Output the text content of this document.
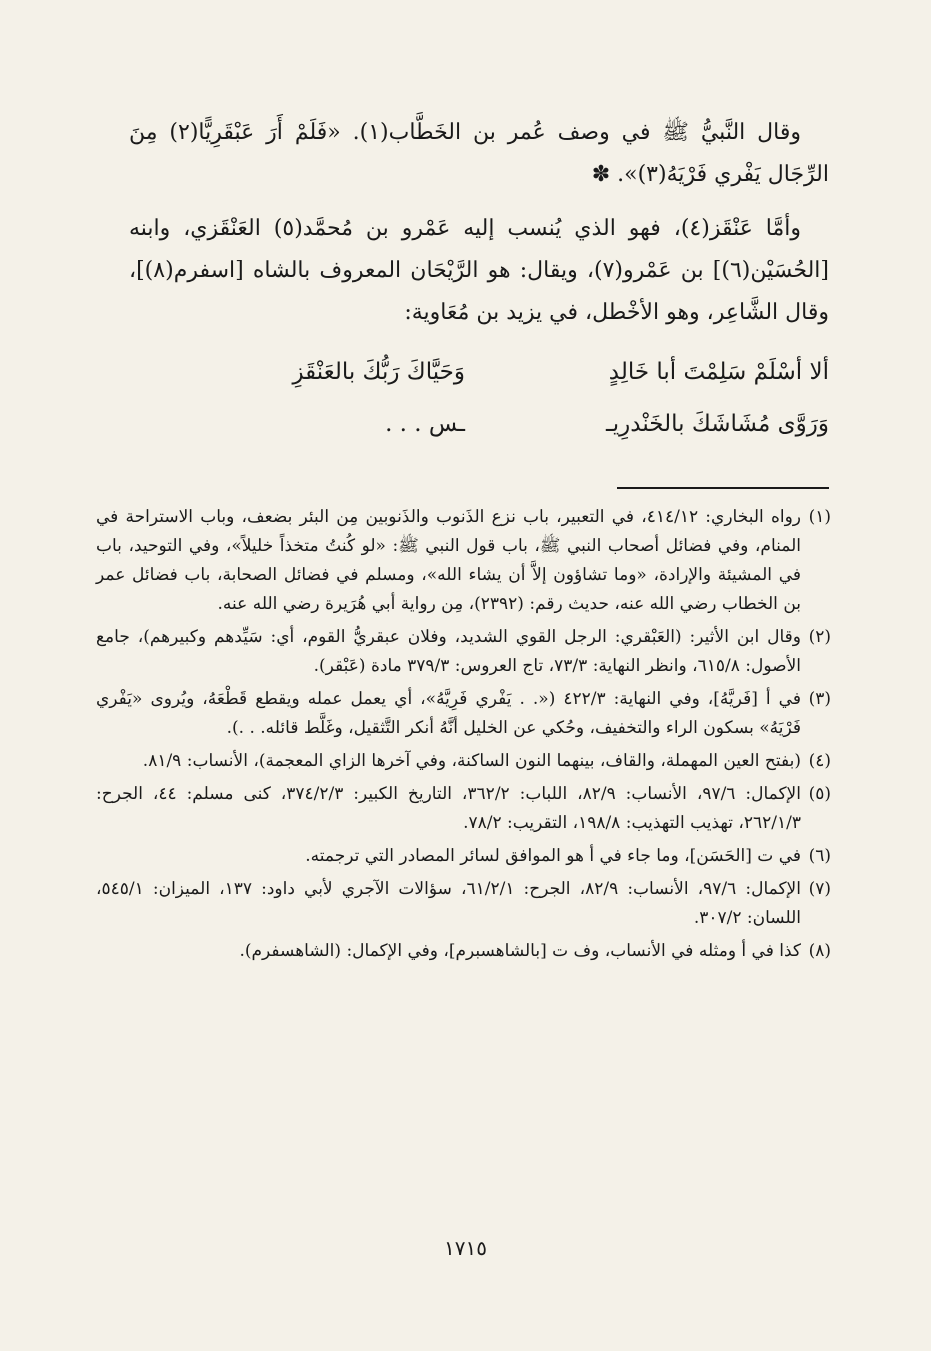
وقال النَّبيُّ ﷺ في وصف عُمر بن الخَطَّاب(١). «فَلَمْ أَرَ عَبْقَرِيًّا(٢) مِنَ الرِّجَال يَفْري فَرْيَهُ(٣)». ✽

وأمَّا عَنْقَز(٤)، فهو الذي يُنسب إليه عَمْرو بن مُحمَّد(٥) العَنْقَزي، وابنه [الحُسَيْن(٦)] بن عَمْرو(٧)، ويقال: هو الرَّيْحَان المعروف بالشاه [اسفرم(٨)]، وقال الشَّاعِر، وهو الأخْطل، في يزيد بن مُعَاوية:

ألا أسْلَمْ سَلِمْتَ أبا خَالِدٍ
وَحَيَّاكَ رَبُّكَ بالعَنْقَزِ
وَرَوَّى مُشَاشَكَ بالخَنْدرِيـ
ـس . . .
(١)
رواه البخاري: ٤١٤/١٢، في التعبير، باب نزع الذَنوب والذَنوبين مِن البئر بضعف، وباب الاستراحة في المنام، وفي فضائل أصحاب النبي ﷺ، باب قول النبي ﷺ: «لو كُنتُ متخذاً خليلاً»، وفي التوحيد، باب في المشيئة والإرادة، «وما تشاؤون إلاَّ أن يشاء الله»، ومسلم في فضائل الصحابة، باب فضائل عمر بن الخطاب رضي الله عنه، حديث رقم: (٢٣٩٢)، مِن رواية أبي هُرَيرة رضي الله عنه.
(٢)
وقال ابن الأثير: (العَبْقري: الرجل القوي الشديد، وفلان عبقريُّ القوم، أي: سَيِّدهم وكبيرهم)، جامع الأصول: ٦١٥/٨، وانظر النهاية: ٧٣/٣، تاج العروس: ٣٧٩/٣ مادة (عَبْقر).
(٣)
في أ [فَريَّهُ]، وفي النهاية: ٤٢٢/٣ («. . يَفْري فَرِيَّهُ»، أي يعمل عمله ويقطع قَطْعَهُ، ويُروى «يَفْري فَرْيَهُ» بسكون الراء والتخفيف، وحُكي عن الخليل أنَّهُ أنكر التَّثقيل، وغَلَّط قائله. . .).
(٤)
(بفتح العين المهملة، والقاف، بينهما النون الساكنة، وفي آخرها الزاي المعجمة)، الأنساب: ٨١/٩.
(٥)
الإكمال: ٩٧/٦، الأنساب: ٨٢/٩، اللباب: ٣٦٢/٢، التاريخ الكبير: ٣٧٤/٢/٣، كنى مسلم: ٤٤، الجرح: ٢٦٢/١/٣، تهذيب التهذيب: ١٩٨/٨، التقريب: ٧٨/٢.
(٦)
في ت [الحَسَن]، وما جاء في أ هو الموافق لسائر المصادر التي ترجمته.
(٧)
الإكمال: ٩٧/٦، الأنساب: ٨٢/٩، الجرح: ٦١/٢/١، سؤالات الآجري لأبي داود: ١٣٧، الميزان: ٥٤٥/١، اللسان: ٣٠٧/٢.
(٨)
كذا في أ ومثله في الأنساب، وف ت [بالشاهسبرم]، وفي الإكمال: (الشاهسفرم).
١٧١٥
